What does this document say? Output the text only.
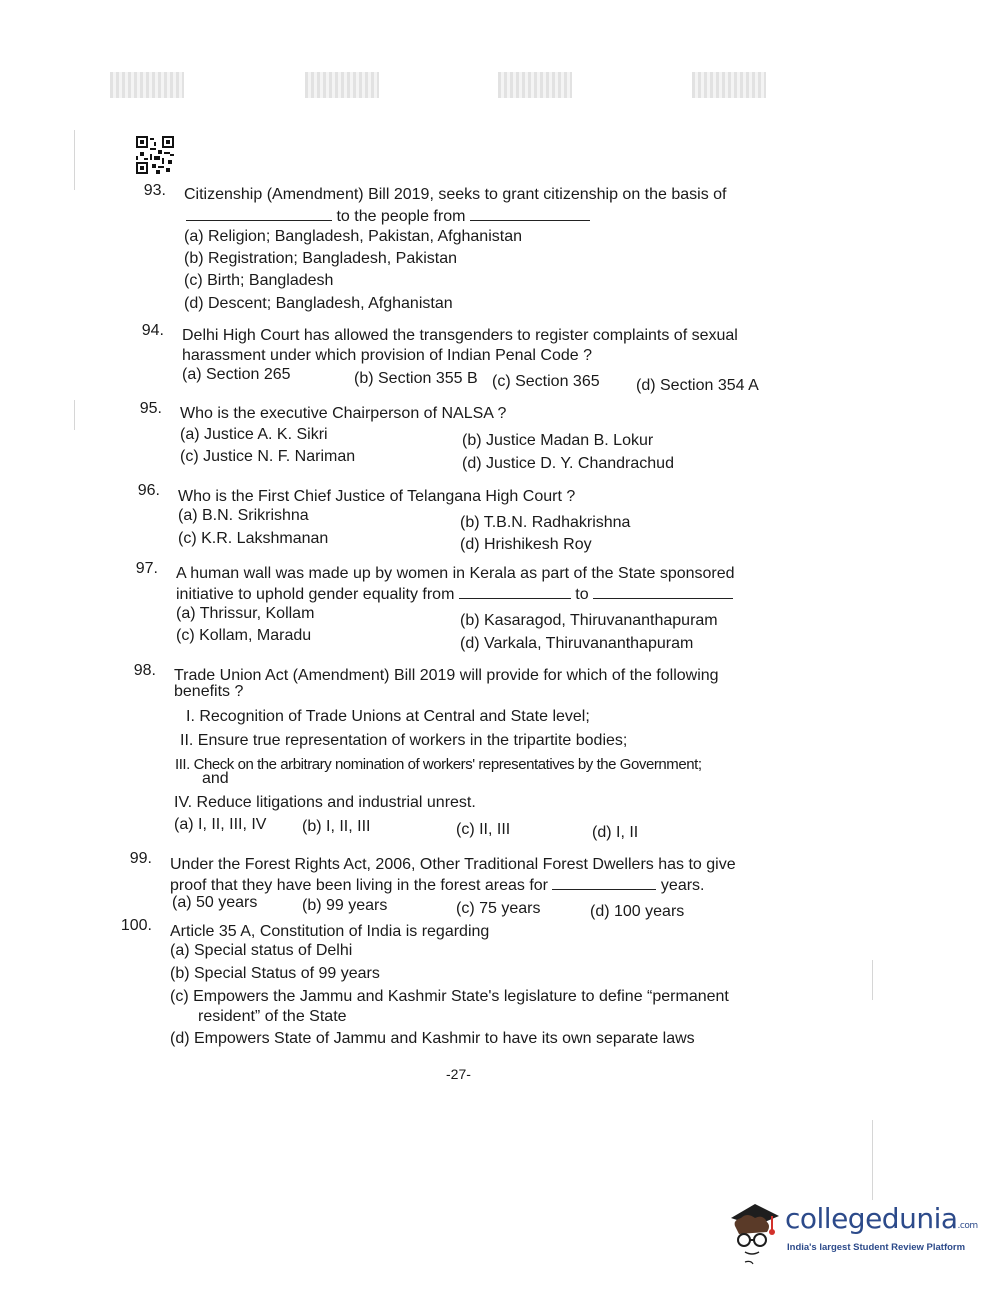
93. Citizenship (Amendment) Bill 2019, seeks to grant citizenship on the basis of
to the people from
(a) Religion; Bangladesh, Pakistan, Afghanistan
(b) Registration; Bangladesh, Pakistan
(c) Birth; Bangladesh
(d) Descent; Bangladesh, Afghanistan
94. Delhi High Court has allowed the transgenders to register complaints of sexual
harassment under which provision of Indian Penal Code ?
(a) Section 265	(b) Section 355 B (c) Section 365 (d) Section 354 A
95. Who is the executive Chairperson of NALSA ?
(a) Justice A. K. Sikri	(b) Justice Madan B. Lokur
(c) Justice N. F. Nariman	(d) Justice D. Y. Chandrachud
96. Who is the First Chief Justice of Telangana High Court ?
(a) B.N. Srikrishna	(b) T.B.N. Radhakrishna
(c) K.R. Lakshmanan	(d) Hrishikesh Roy
97. A human wall was made up by women in Kerala as part of the State sponsored
initiative to uphold gender equality from	to
(a) Thrissur, Kollam	(b) Kasaragod, Thiruvananthapuram
(c) Kollam, Maradu	(d) Varkala, Thiruvananthapuram
98. Trade Union Act (Amendment) Bill 2019 will provide for which of the following
benefits ?
I. Recognition of Trade Unions at Central and State level;
II. Ensure true representation of workers in the tripartite bodies;
III. Check on the arbitrary nomination of workers' representatives by the Government;
and
IV. Reduce litigations and industrial unrest.
(a) I, II, III, IV (b) I, II, III	(c) II, III	(d) I, II
99. Under the Forest Rights Act, 2006, Other Traditional Forest Dwellers has to give
proof that they have been living in the forest areas for	years.
(a) 50 years	(b) 99 years	(c) 75 years	(d) 100 years
100. Article 35 A, Constitution of India is regarding
(a) Special status of Delhi
(b) Special Status of 99 years
(c) Empowers the Jammu and Kashmir State's legislature to define “permanent
resident” of the State
(d) Empowers State of Jammu and Kashmir to have its own separate laws
-27-
collegedunia.com
India's largest Student Review Platform
